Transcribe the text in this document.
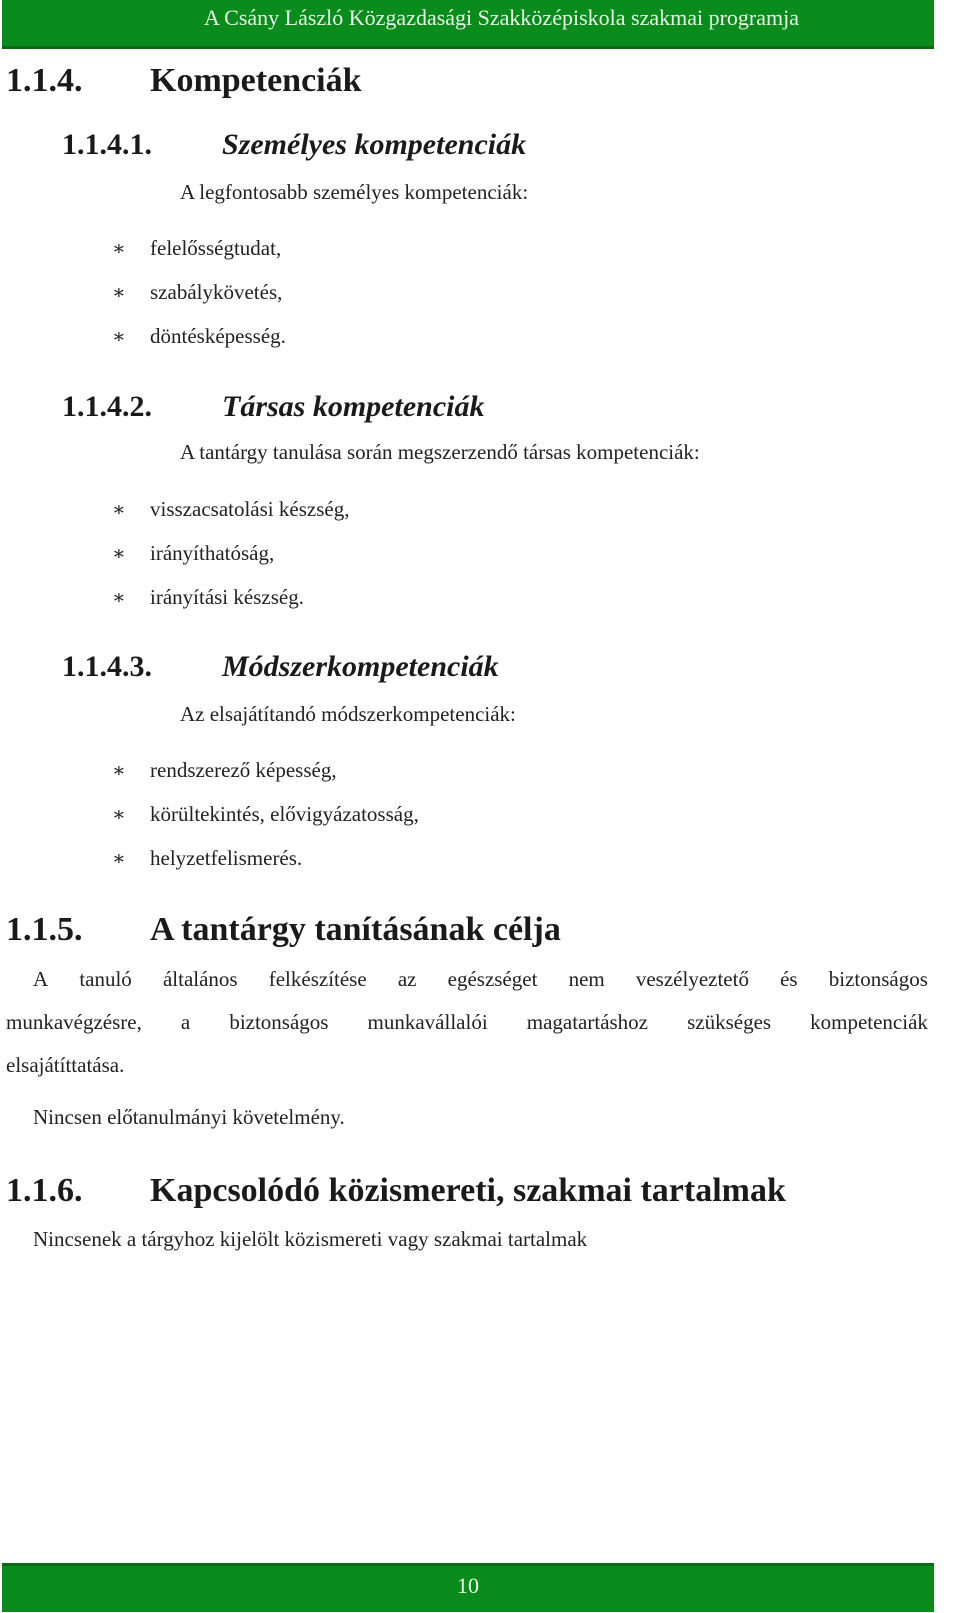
A Csány László Közgazdasági Szakközépiskola szakmai programja
1.1.4. Kompetenciák
1.1.4.1. Személyes kompetenciák
A legfontosabb személyes kompetenciák:
∗ felelősségtudat,
∗ szabálykövetés,
∗ döntésképesség.
1.1.4.2. Társas kompetenciák
A tantárgy tanulása során megszerzendő társas kompetenciák:
∗ visszacsatolási készség,
∗ irányíthatóság,
∗ irányítási készség.
1.1.4.3. Módszerkompetenciák
Az elsajátítandó módszerkompetenciák:
∗ rendszerező képesség,
∗ körültekintés, elővigyázatosság,
∗ helyzetfelismerés.
1.1.5. A tantárgy tanításának célja
A tanuló általános felkészítése az egészséget nem veszélyeztető és biztonságos
munkavégzésre, a biztonságos munkavállalói magatartáshoz szükséges kompetenciák
elsajátíttatása.
Nincsen előtanulmányi követelmény.
1.1.6. Kapcsolódó közismereti, szakmai tartalmak
Nincsenek a tárgyhoz kijelölt közismereti vagy szakmai tartalmak
10
